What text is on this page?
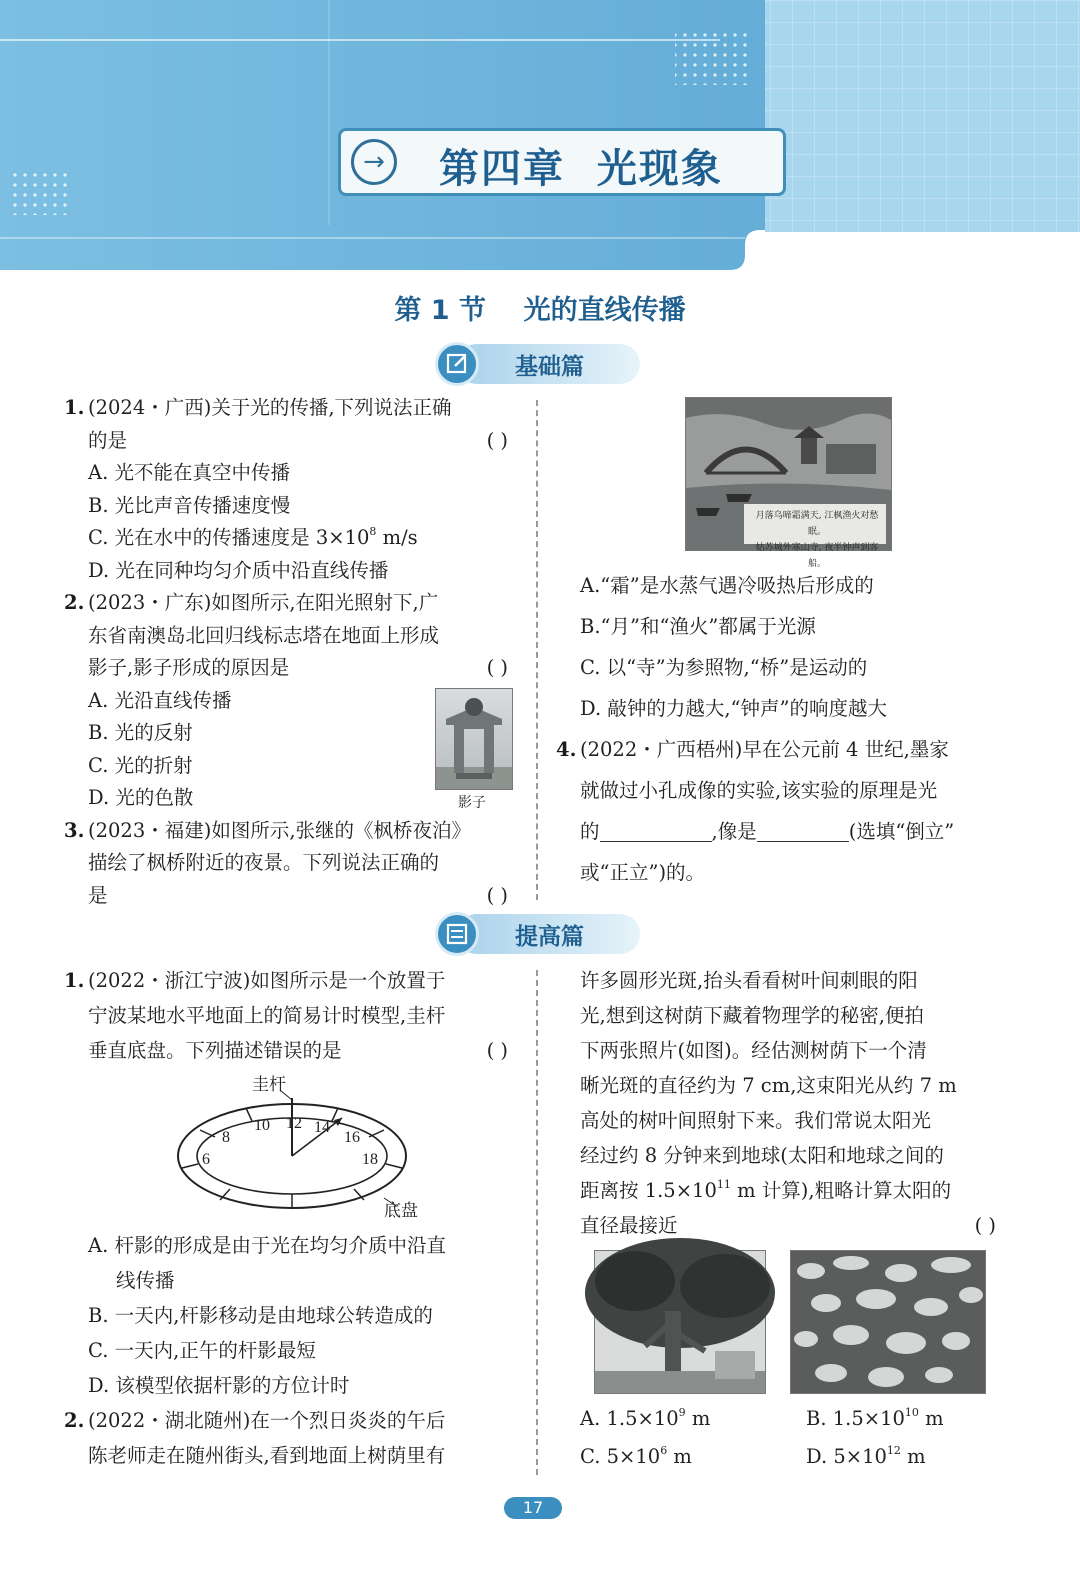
→	第四章  光现象
第 1 节    光的直线传播
基础篇
1. (2024・广西)关于光的传播,下列说法正确
的是	( )
A. 光不能在真空中传播
B. 光比声音传播速度慢
C. 光在水中的传播速度是 $3\times 10^8$ m/s
D. 光在同种均匀介质中沿直线传播
2. (2023・广东)如图所示,在阳光照射下,广
东省南澳岛北回归线标志塔在地面上形成
影子,影子形成的原因是	( )
A. 光沿直线传播
B. 光的反射
C. 光的折射
D. 光的色散
3. (2023・福建)如图所示,张继的《枫桥夜泊》
描绘了枫桥附近的夜景。下列说法正确的
是	( )
影子
月落乌啼霜满天, 江枫渔火对愁眠。
姑苏城外寒山寺, 夜半钟声到客船。
A.“霜”是水蒸气遇冷吸热后形成的
B.“月”和“渔火”都属于光源
C. 以“寺”为参照物,“桥”是运动的
D. 敲钟的力越大,“钟声”的响度越大
4. (2022・广西梧州)早在公元前 4 世纪,墨家
就做过小孔成像的实验,该实验的原理是光
的	,像是	(选填“倒立”
或“正立”)的。
提高篇
1. (2022・浙江宁波)如图所示是一个放置于
宁波某地水平地面上的简易计时模型,圭杆
垂直底盘。下列描述错误的是	( )
6
8
10 12 14
16
18
圭杆
底盘
A. 杆影的形成是由于光在均匀介质中沿直
线传播
B. 一天内,杆影移动是由地球公转造成的
C. 一天内,正午的杆影最短
D. 该模型依据杆影的方位计时
2. (2022・湖北随州)在一个烈日炎炎的午后
陈老师走在随州街头,看到地面上树荫里有
许多圆形光斑,抬头看看树叶间刺眼的阳
光,想到这树荫下藏着物理学的秘密,便拍
下两张照片(如图)。经估测树荫下一个清
晰光斑的直径约为 7 cm,这束阳光从约 7 m
高处的树叶间照射下来。我们常说太阳光
经过约 8 分钟来到地球(太阳和地球之间的
距离按 $1.5\times 10^{11}$ m 计算),粗略计算太阳的
直径最接近	( )
A. $1.5\times 10^9$ m	B. $1.5\times 10^{10}$ m
C. $5\times 10^6$ m	D. $5\times 10^{12}$ m
17
